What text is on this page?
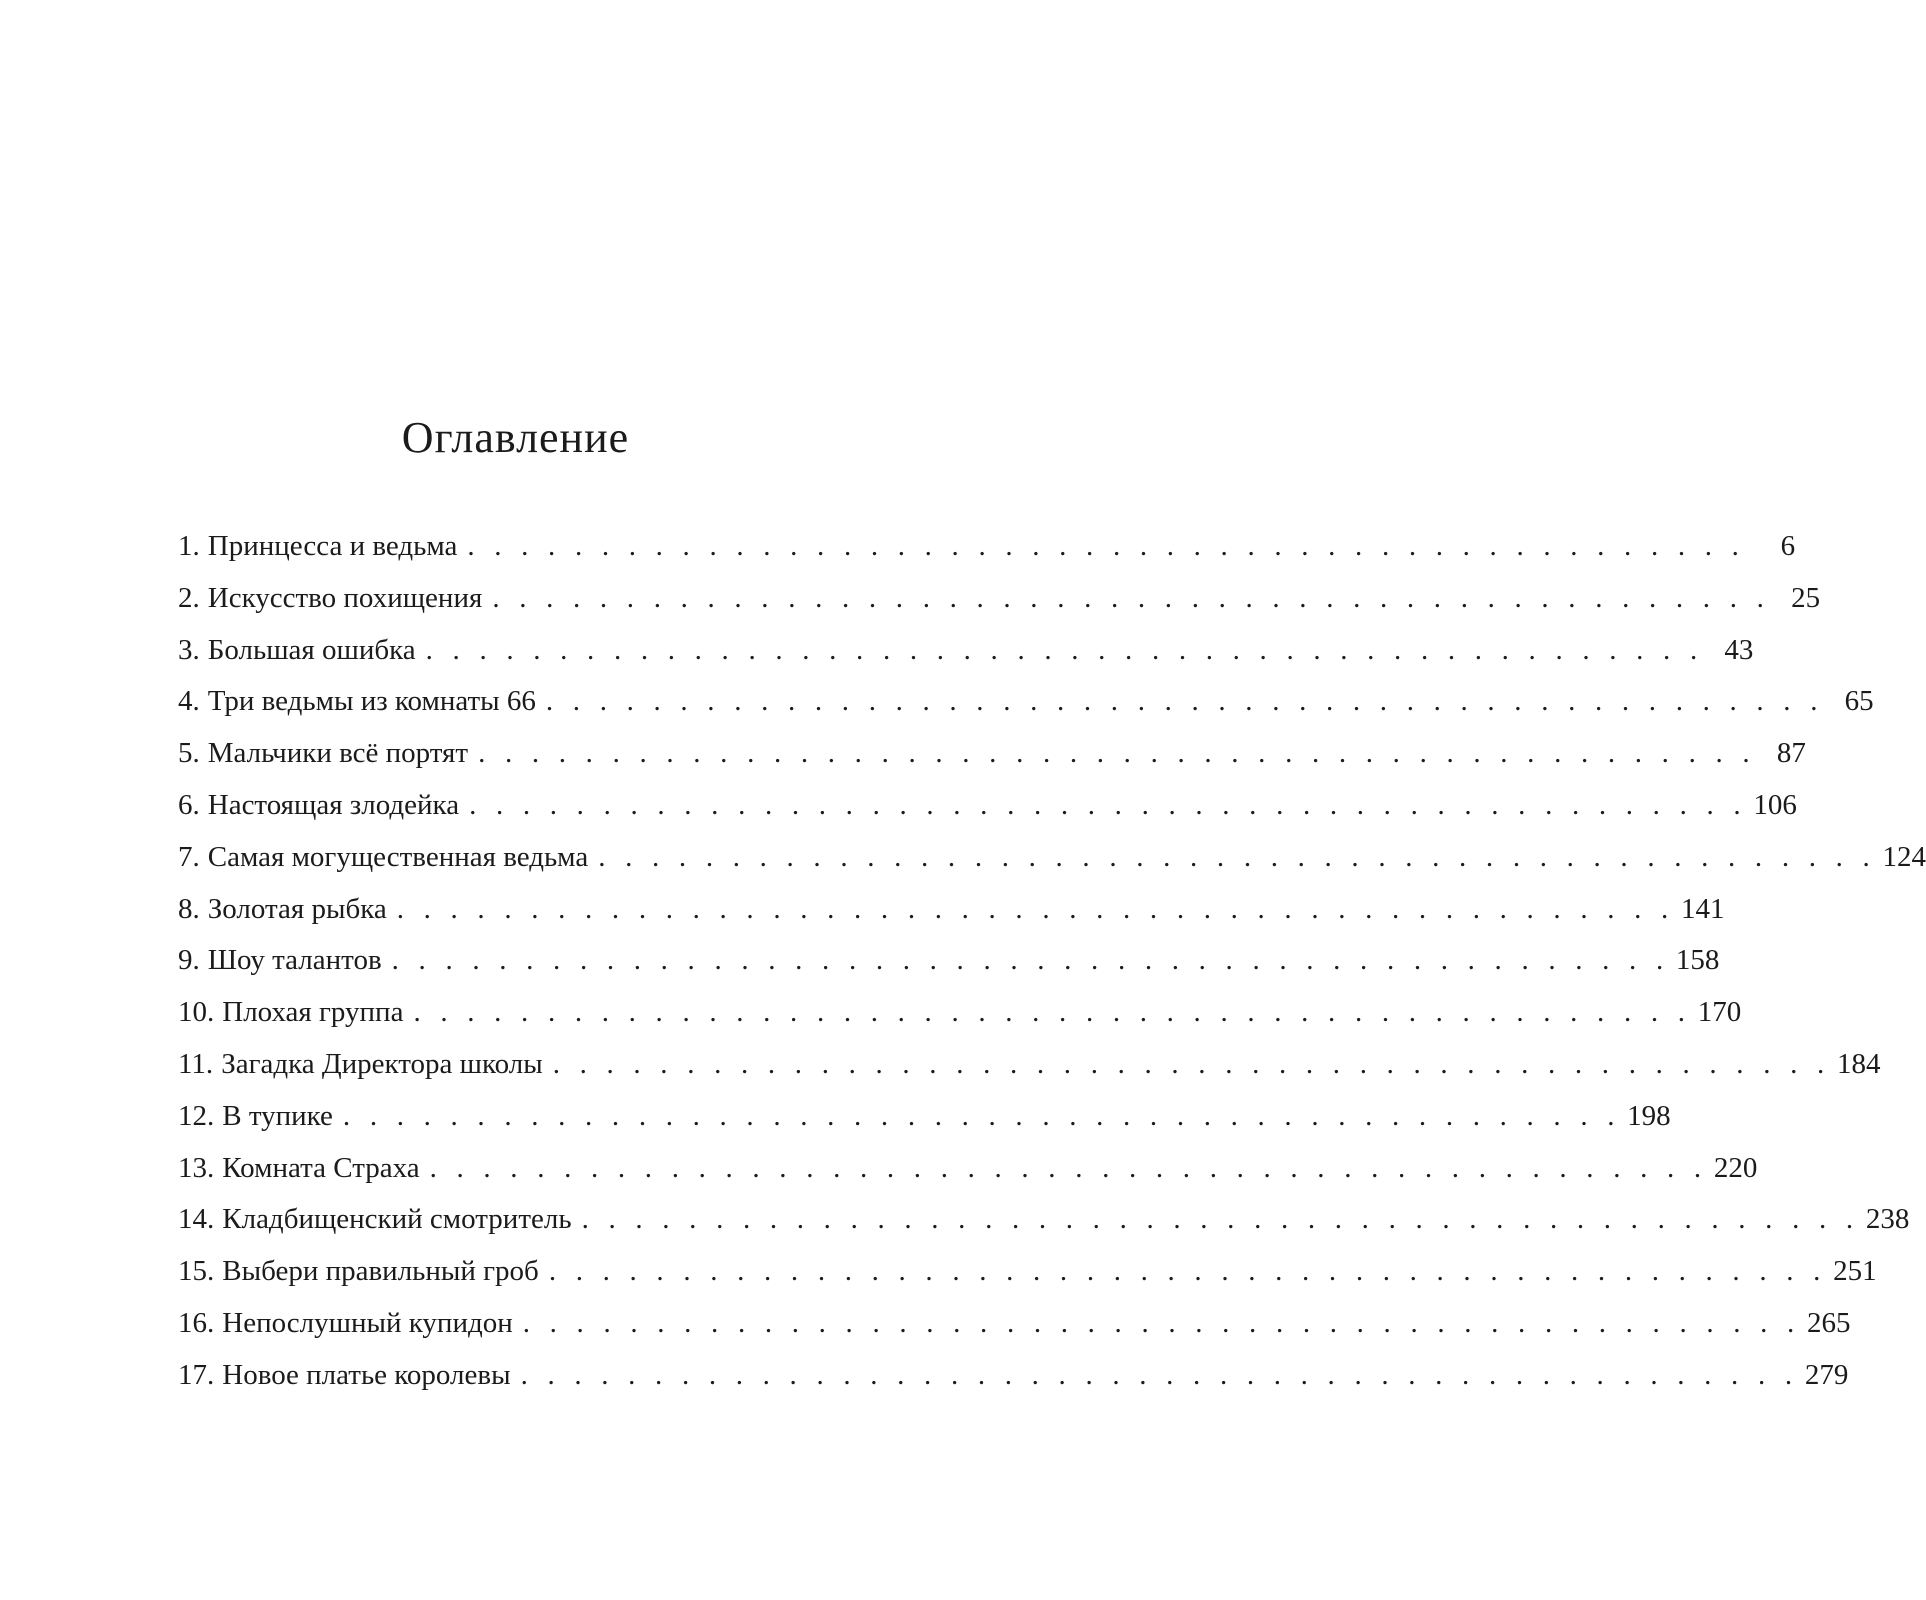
Оглавление
1. Принцесса и ведьма . . . . . . . . . . . . . . . . . . . . . . . . . . . . . . . . . . . . . . . . . . . . . . . .	6
2. Искусство похищения . . . . . . . . . . . . . . . . . . . . . . . . . . . . . . . . . . . . . . . . . . . . . . . . 25
3. Большая ошибка . . . . . . . . . . . . . . . . . . . . . . . . . . . . . . . . . . . . . . . . . . . . . . . . 43
4. Три ведьмы из комнаты 66 . . . . . . . . . . . . . . . . . . . . . . . . . . . . . . . . . . . . . . . . . . . . . . . . 65
5. Мальчики всё портят . . . . . . . . . . . . . . . . . . . . . . . . . . . . . . . . . . . . . . . . . . . . . . . . 87
6. Настоящая злодейка . . . . . . . . . . . . . . . . . . . . . . . . . . . . . . . . . . . . . . . . . . . . . . . . 106
7. Самая могущественная ведьма . . . . . . . . . . . . . . . . . . . . . . . . . . . . . . . . . . . . . . . . . . . . . . . . 124
8. Золотая рыбка . . . . . . . . . . . . . . . . . . . . . . . . . . . . . . . . . . . . . . . . . . . . . . . . 141
9. Шоу талантов . . . . . . . . . . . . . . . . . . . . . . . . . . . . . . . . . . . . . . . . . . . . . . . . 158
10. Плохая группа . . . . . . . . . . . . . . . . . . . . . . . . . . . . . . . . . . . . . . . . . . . . . . . . 170
11. Загадка Директора школы . . . . . . . . . . . . . . . . . . . . . . . . . . . . . . . . . . . . . . . . . . . . . . . . 184
12. В тупике . . . . . . . . . . . . . . . . . . . . . . . . . . . . . . . . . . . . . . . . . . . . . . . . 198
13. Комната Страха . . . . . . . . . . . . . . . . . . . . . . . . . . . . . . . . . . . . . . . . . . . . . . . . 220
14. Кладбищенский смотритель . . . . . . . . . . . . . . . . . . . . . . . . . . . . . . . . . . . . . . . . . . . . . . . . 238
15. Выбери правильный гроб . . . . . . . . . . . . . . . . . . . . . . . . . . . . . . . . . . . . . . . . . . . . . . . . 251
16. Непослушный купидон . . . . . . . . . . . . . . . . . . . . . . . . . . . . . . . . . . . . . . . . . . . . . . . . 265
17. Новое платье королевы . . . . . . . . . . . . . . . . . . . . . . . . . . . . . . . . . . . . . . . . . . . . . . . . 279
